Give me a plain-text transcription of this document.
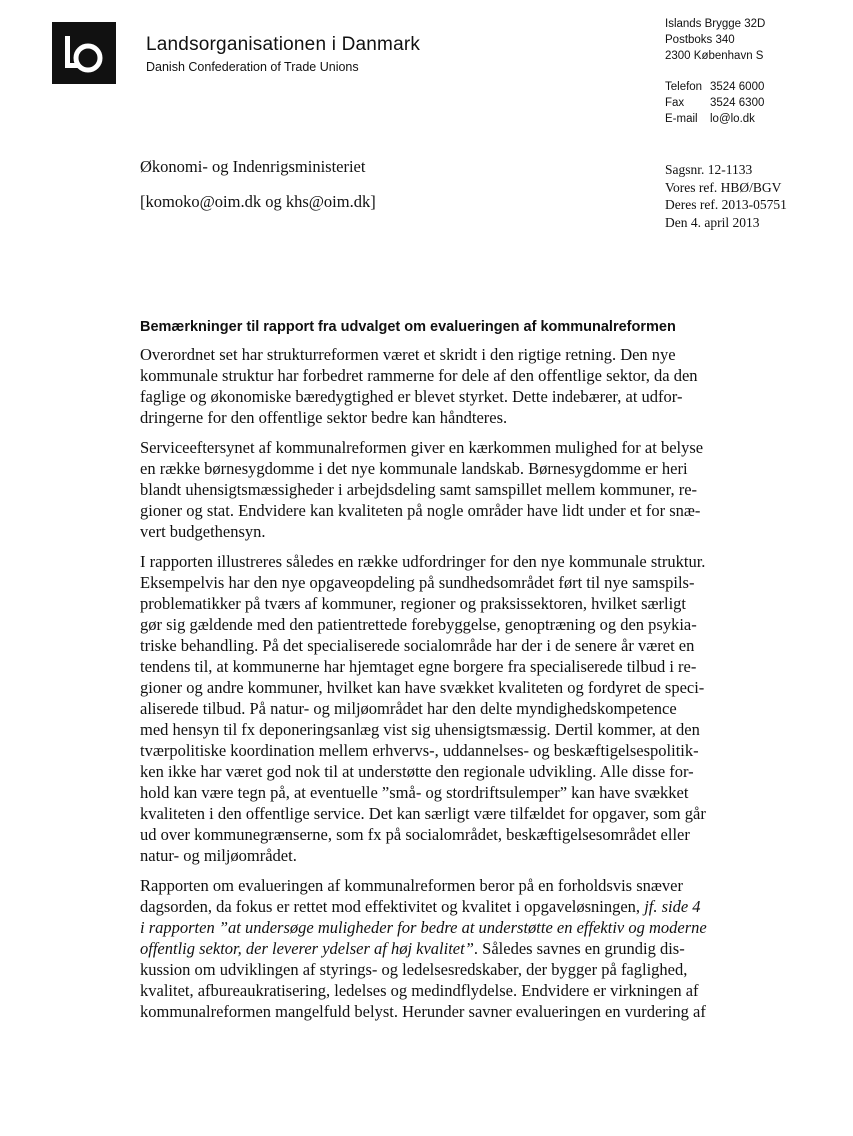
Landsorganisationen i Danmark
Danish Confederation of Trade Unions
Islands Brygge 32D
Postboks 340
2300 København S
Telefon 3524 6000
Fax	3524 6300
E-mail	lo@lo.dk
Økonomi- og Indenrigsministeriet
[komoko@oim.dk og khs@oim.dk]
Sagsnr. 12-1133
Vores ref. HBØ/BGV
Deres ref. 2013-05751
Den 4. april 2013
Bemærkninger til rapport fra udvalget om evalueringen af kommunalreformen

Overordnet set har strukturreformen været et skridt i den rigtige retning. Den nye
kommunale struktur har forbedret rammerne for dele af den offentlige sektor, da den
faglige og økonomiske bæredygtighed er blevet styrket. Dette indebærer, at udfor-
dringerne for den offentlige sektor bedre kan håndteres.

Serviceeftersynet af kommunalreformen giver en kærkommen mulighed for at belyse
en række børnesygdomme i det nye kommunale landskab. Børnesygdomme er heri
blandt uhensigtsmæssigheder i arbejdsdeling samt samspillet mellem kommuner, re-
gioner og stat. Endvidere kan kvaliteten på nogle områder have lidt under et for snæ-
vert budgethensyn.

I rapporten illustreres således en række udfordringer for den nye kommunale struktur.
Eksempelvis har den nye opgaveopdeling på sundhedsområdet ført til nye samspils-
problematikker på tværs af kommuner, regioner og praksissektoren, hvilket særligt
gør sig gældende med den patientrettede forebyggelse, genoptræning og den psykia-
triske behandling. På det specialiserede socialområde har der i de senere år været en
tendens til, at kommunerne har hjemtaget egne borgere fra specialiserede tilbud i re-
gioner og andre kommuner, hvilket kan have svækket kvaliteten og fordyret de speci-
aliserede tilbud. På natur- og miljøområdet har den delte myndighedskompetence
med hensyn til fx deponeringsanlæg vist sig uhensigtsmæssig. Dertil kommer, at den
tværpolitiske koordination mellem erhvervs-, uddannelses- og beskæftigelsespolitik-
ken ikke har været god nok til at understøtte den regionale udvikling. Alle disse for-
hold kan være tegn på, at eventuelle ”små- og stordriftsulemper” kan have svækket
kvaliteten i den offentlige service. Det kan særligt være tilfældet for opgaver, som går
ud over kommunegrænserne, som fx på socialområdet, beskæftigelsesområdet eller
natur- og miljøområdet.

Rapporten om evalueringen af kommunalreformen beror på en forholdsvis snæver
dagsorden, da fokus er rettet mod effektivitet og kvalitet i opgaveløsningen, jf. side 4
i rapporten ”at undersøge muligheder for bedre at understøtte en effektiv og moderne
offentlig sektor, der leverer ydelser af høj kvalitet”. Således savnes en grundig dis-
kussion om udviklingen af styrings- og ledelsesredskaber, der bygger på faglighed,
kvalitet, afbureaukratisering, ledelses og medindflydelse. Endvidere er virkningen af
kommunalreformen mangelfuld belyst. Herunder savner evalueringen en vurdering af
